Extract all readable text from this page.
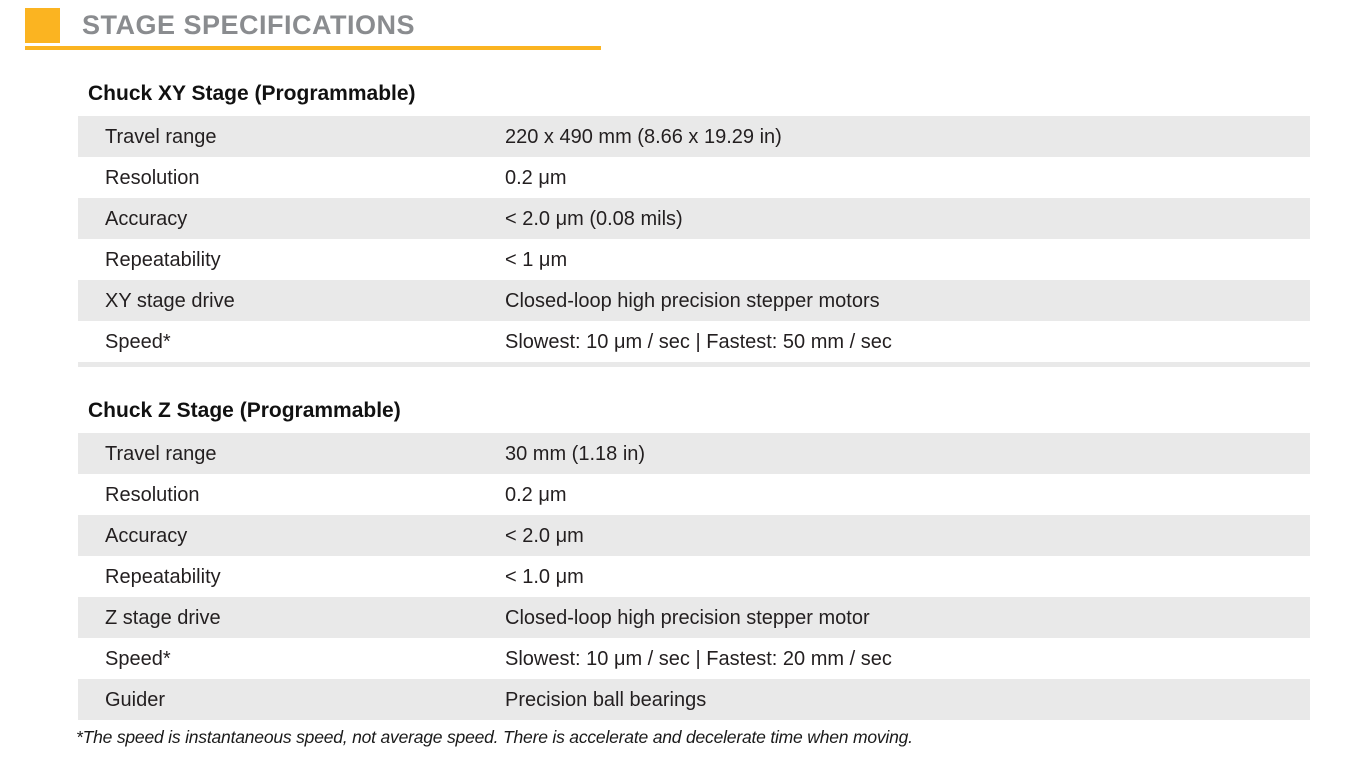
STAGE SPECIFICATIONS
Chuck XY Stage (Programmable)
Travel range	220 x 490 mm (8.66 x 19.29 in)
Resolution	0.2 μm
Accuracy	< 2.0 μm (0.08 mils)
Repeatability	< 1 μm
XY stage drive	Closed-loop high precision stepper motors
Speed*	Slowest: 10 μm / sec | Fastest: 50 mm / sec
Chuck Z Stage (Programmable)
Travel range	30 mm (1.18 in)
Resolution	0.2 μm
Accuracy	< 2.0 μm
Repeatability	< 1.0 μm
Z stage drive	Closed-loop high precision stepper motor
Speed*	Slowest: 10 μm / sec | Fastest: 20 mm / sec
Guider	Precision ball bearings

*The speed is instantaneous speed, not average speed. There is accelerate and decelerate time when moving.
